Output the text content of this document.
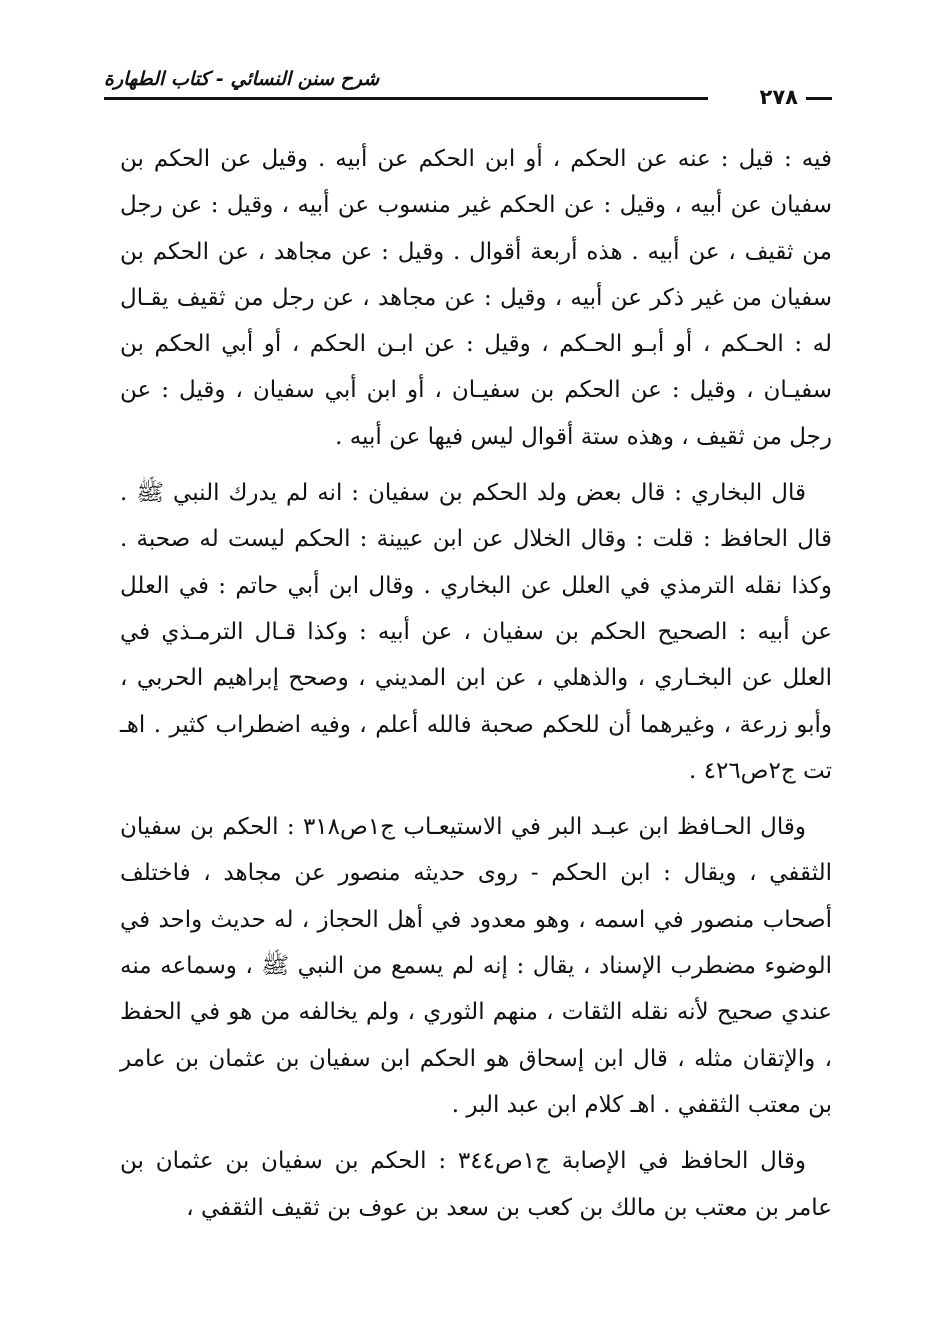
شرح سنن النسائي - كتاب الطهارة
٢٧٨

فيه : قيل : عنه عن الحكم ، أو ابن الحكم عن أبيه . وقيل عن الحكم بن سفيان عن أبيه ، وقيل : عن الحكم غير منسوب عن أبيه ، وقيل : عن رجل من ثقيف ، عن أبيه . هذه أربعة أقوال . وقيل : عن مجاهد ، عن الحكم بن سفيان من غير ذكر عن أبيه ، وقيل : عن مجاهد ، عن رجل من ثقيف يقـال له : الحـكم ، أو أبـو الحـكم ، وقيل : عن ابـن الحكم ، أو أبي الحكم بن سفيـان ، وقيل : عن الحكم بن سفيـان ، أو ابن أبي سفيان ، وقيل : عن رجل من ثقيف ، وهذه ستة أقوال ليس فيها عن أبيه .

قال البخاري : قال بعض ولد الحكم بن سفيان : انه لم يدرك النبي ﷺ . قال الحافظ : قلت : وقال الخلال عن ابن عيينة : الحكم ليست له صحبة . وكذا نقله الترمذي في العلل عن البخاري . وقال ابن أبي حاتم : في العلل عن أبيه : الصحيح الحكم بن سفيان ، عن أبيه : وكذا قـال الترمـذي في العلل عن البخـاري ، والذهلي ، عن ابن المديني ، وصحح إبراهيم الحربي ، وأبو زرعة ، وغيرهما أن للحكم صحبة فالله أعلم ، وفيه اضطراب كثير . اهـ تت ج٢ص٤٢٦ .

وقال الحـافظ ابن عبـد البر في الاستيعـاب ج١ص٣١٨ : الحكم بن سفيان الثقفي ، ويقال : ابن الحكم - روى حديثه منصور عن مجاهد ، فاختلف أصحاب منصور في اسمه ، وهو معدود في أهل الحجاز ، له حديث واحد في الوضوء مضطرب الإسناد ، يقال : إنه لم يسمع من النبي ﷺ ، وسماعه منه عندي صحيح لأنه نقله الثقات ، منهم الثوري ، ولم يخالفه من هو في الحفظ ، والإتقان مثله ، قال ابن إسحاق هو الحكم ابن سفيان بن عثمان بن عامر بن معتب الثقفي . اهـ كلام ابن عبد البر .

وقال الحافظ في الإصابة ج١ص٣٤٤ : الحكم بن سفيان بن عثمان بن عامر بن معتب بن مالك بن كعب بن سعد بن عوف بن ثقيف الثقفي ،
